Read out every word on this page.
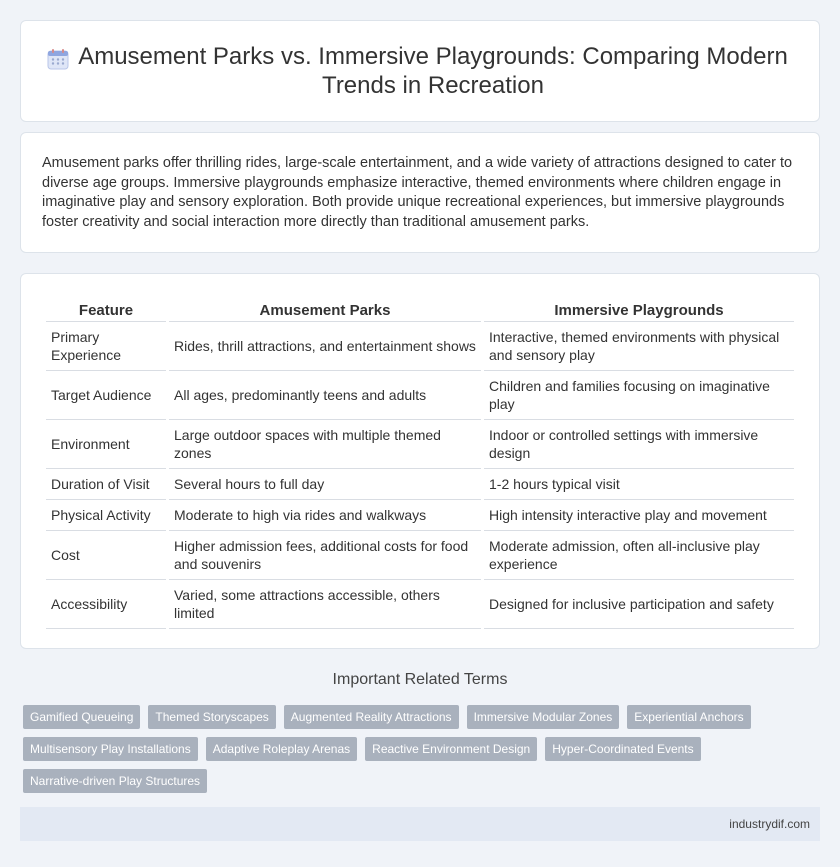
Amusement Parks vs. Immersive Playgrounds: Comparing Modern Trends in Recreation

Amusement parks offer thrilling rides, large-scale entertainment, and a wide variety of attractions designed to cater to diverse age groups. Immersive playgrounds emphasize interactive, themed environments where children engage in imaginative play and sensory exploration. Both provide unique recreational experiences, but immersive playgrounds foster creativity and social interaction more directly than traditional amusement parks.

Feature	Amusement Parks	Immersive Playgrounds
Primary Experience	Rides, thrill attractions, and entertainment shows	Interactive, themed environments with physical and sensory play
Target Audience	All ages, predominantly teens and adults	Children and families focusing on imaginative play
Environment	Large outdoor spaces with multiple themed zones	Indoor or controlled settings with immersive design
Duration of Visit	Several hours to full day	1-2 hours typical visit
Physical Activity	Moderate to high via rides and walkways	High intensity interactive play and movement
Cost	Higher admission fees, additional costs for food and souvenirs	Moderate admission, often all-inclusive play experience
Accessibility	Varied, some attractions accessible, others limited	Designed for inclusive participation and safety
Important Related Terms
Gamified Queueing	Themed Storyscapes	Augmented Reality Attractions	Immersive Modular Zones	Experiential Anchors
Multisensory Play Installations	Adaptive Roleplay Arenas	Reactive Environment Design	Hyper-Coordinated Events
Narrative-driven Play Structures
industrydif.com
